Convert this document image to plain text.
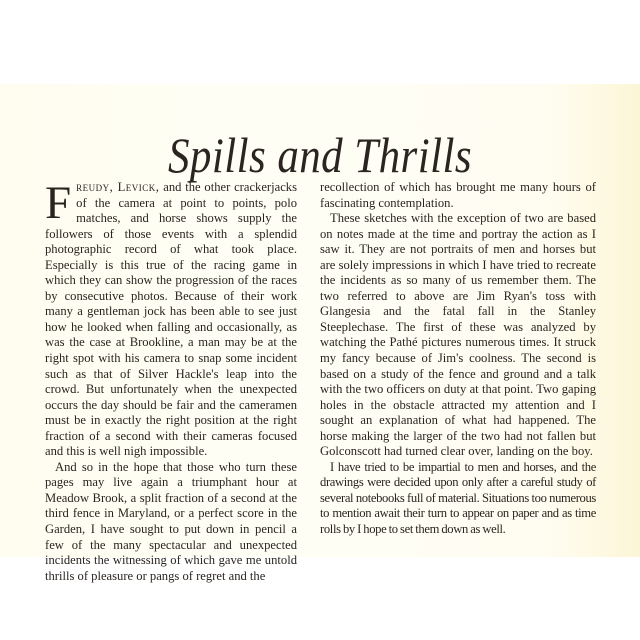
Spills and Thrills

Freudy, Levick, and the other crackerjacks of the camera at point to points, polo matches, and horse shows supply the followers of those events with a splendid photographic record of what took place. Especially is this true of the racing game in which they can show the progression of the races by consecutive photos. Because of their work many a gentleman jock has been able to see just how he looked when falling and occasionally, as was the case at Brookline, a man may be at the right spot with his camera to snap some incident such as that of Silver Hackle's leap into the crowd. But unfortunately when the unexpected occurs the day should be fair and the cameramen must be in exactly the right position at the right fraction of a second with their cameras focused and this is well nigh impossible.

And so in the hope that those who turn these pages may live again a triumphant hour at Meadow Brook, a split fraction of a second at the third fence in Maryland, or a perfect score in the Garden, I have sought to put down in pencil a few of the many spectacular and unexpected incidents the witnessing of which gave me untold thrills of pleasure or pangs of regret and the

recollection of which has brought me many hours of fascinating contemplation.

These sketches with the exception of two are based on notes made at the time and portray the action as I saw it. They are not portraits of men and horses but are solely impressions in which I have tried to recreate the incidents as so many of us remember them. The two referred to above are Jim Ryan's toss with Glangesia and the fatal fall in the Stanley Steeplechase. The first of these was analyzed by watching the Pathé pictures numerous times. It struck my fancy because of Jim's coolness. The second is based on a study of the fence and ground and a talk with the two officers on duty at that point. Two gaping holes in the obstacle attracted my attention and I sought an explanation of what had happened. The horse making the larger of the two had not fallen but Golconscott had turned clear over, landing on the boy.

I have tried to be impartial to men and horses, and the drawings were decided upon only after a careful study of several notebooks full of material. Situations too numerous to mention await their turn to appear on paper and as time rolls by I hope to set them down as well.
